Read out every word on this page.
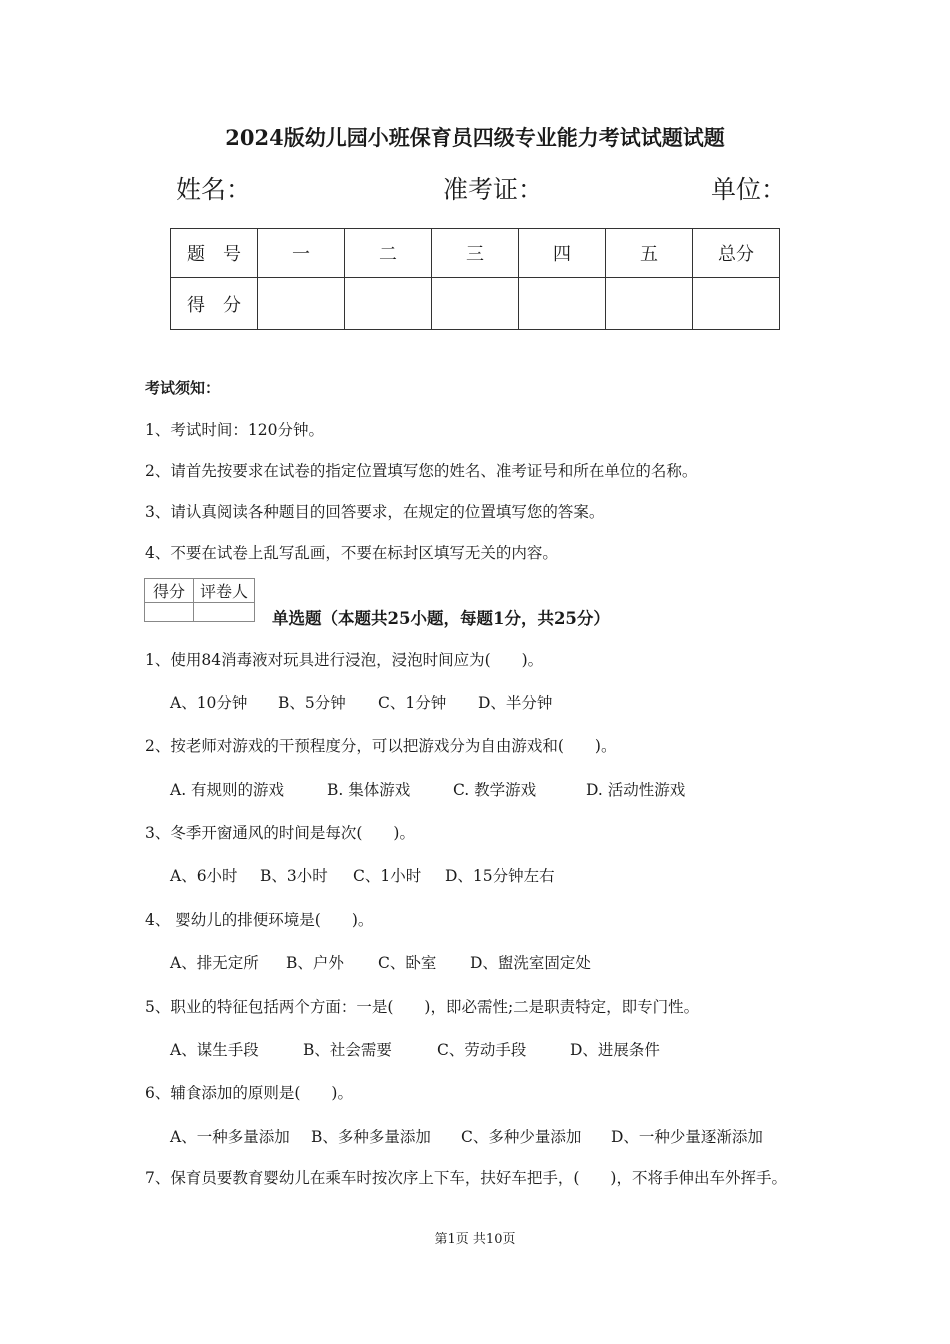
2024版幼儿园小班保育员四级专业能力考试试题试题
姓名：	准考证：	单位：
题　号	一	二	三	四	五	总分
得　分						
考试须知：
1、考试时间：120分钟。
2、请首先按要求在试卷的指定位置填写您的姓名、准考证号和所在单位的名称。
3、请认真阅读各种题目的回答要求，在规定的位置填写您的答案。
4、不要在试卷上乱写乱画，不要在标封区填写无关的内容。
得分	评卷人

单选题（本题共25小题，每题1分，共25分）
1、使用84消毒液对玩具进行浸泡，浸泡时间应为(　　)。
A、10分钟 B、5分钟 C、1分钟 D、半分钟
2、按老师对游戏的干预程度分，可以把游戏分为自由游戏和(　　)。
A. 有规则的游戏	B. 集体游戏	C. 教学游戏	D. 活动性游戏
3、冬季开窗通风的时间是每次(　　)。
A、6小时 B、3小时 C、1小时 D、15分钟左右
4、 婴幼儿的排便环境是(　　)。
A、排无定所 B、户外 C、卧室 D、盥洗室固定处
5、职业的特征包括两个方面：一是(　　)，即必需性;二是职责特定，即专门性。
A、谋生手段	B、社会需要	C、劳动手段	D、进展条件
6、辅食添加的原则是(　　)。
A、一种多量添加 B、多种多量添加 C、多种少量添加 D、一种少量逐渐添加
7、保育员要教育婴幼儿在乘车时按次序上下车，扶好车把手，(　　)，不将手伸出车外挥手。
第1页 共10页
